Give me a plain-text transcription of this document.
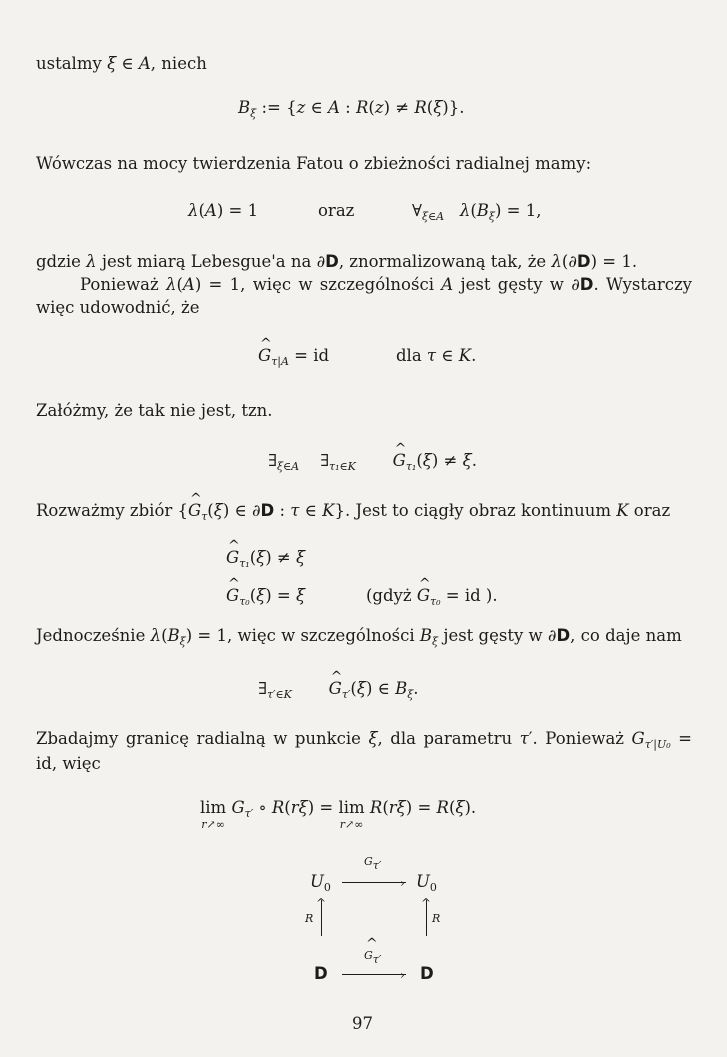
ustalmy ξ ∈ A, niech
$B_\xi$ := {z ∈ A : R(z) ≠ R(ξ)}.
Wówczas na mocy twierdzenia Fatou o zbieżności radialnej mamy:
λ(A) = 1	oraz	$\forall_{\xi\in A}$ $\lambda(B_\xi) = 1$,
gdzie λ jest miarą Lebesgue'a na ∂D, znormalizowaną tak, że λ(∂D) = 1.
Ponieważ λ(A) = 1, więc w szczególności A jest gęsty w ∂D. Wystarczy więc udowodnić, że
^ $G_{\tau|A}$ = id	dla τ ∈ K.
Załóżmy, że tak nie jest, tzn.
$\exists_{\xi\in A}$    $\exists_{\tau_1\in K}$ ^ $G_{\tau_1}(\xi) \ne \xi$.
Rozważmy zbiór {^ $G_\tau(\xi)$ ∈ ∂D : τ ∈ K}. Jest to ciągły obraz kontinuum K oraz
^ $G_{\tau_1}(\xi) \ne \xi$
^ $G_{\tau_0}(\xi) = \xi$	(gdyż ^ $G_{\tau_0}$ = id ).
Jednocześnie $\lambda(B_\xi) = 1$, więc w szczególności $B_\xi$ jest gęsty w ∂D, co daje nam
$\exists_{\tau'\in K}$ ^ $G_{\tau'}(\xi)$ ∈ $B_\xi$.
Zbadajmy granicę radialną w punkcie ξ, dla parametru τ′. Ponieważ $G_{\tau'|U_0}$ = id, więc
lim
$^{r↗\infty}$ $G_{\tau'}$ ∘ R(rξ) = lim
$^{r↗\infty}$ R(rξ) = R(ξ).
$U_0$	$U_0$
›
Gτ′
^
R
^
R
D	D
›
^ Gτ′
97
